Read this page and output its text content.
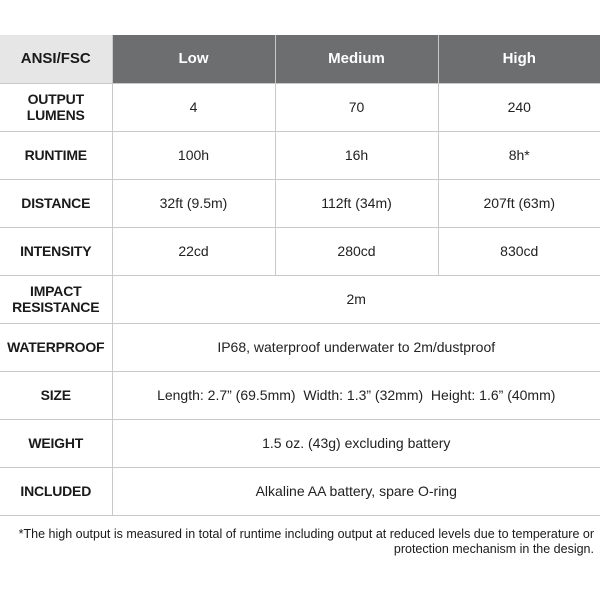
ANSI/FSC	Low	Medium	High
OUTPUT
LUMENS	4	70	240
RUNTIME	100h	16h	8h*
DISTANCE	32ft (9.5m)	112ft (34m)	207ft (63m)
INTENSITY	22cd	280cd	830cd
IMPACT
RESISTANCE	2m		
WATERPROOF	IP68, waterproof underwater to 2m/dustproof		
SIZE	Length: 2.7” (69.5mm)  Width: 1.3” (32mm)  Height: 1.6” (40mm)		
WEIGHT	1.5 oz. (43g) excluding battery		
INCLUDED	Alkaline AA battery, spare O-ring		
*The high output is measured in total of runtime including output at reduced levels due to temperature or
protection mechanism in the design.
